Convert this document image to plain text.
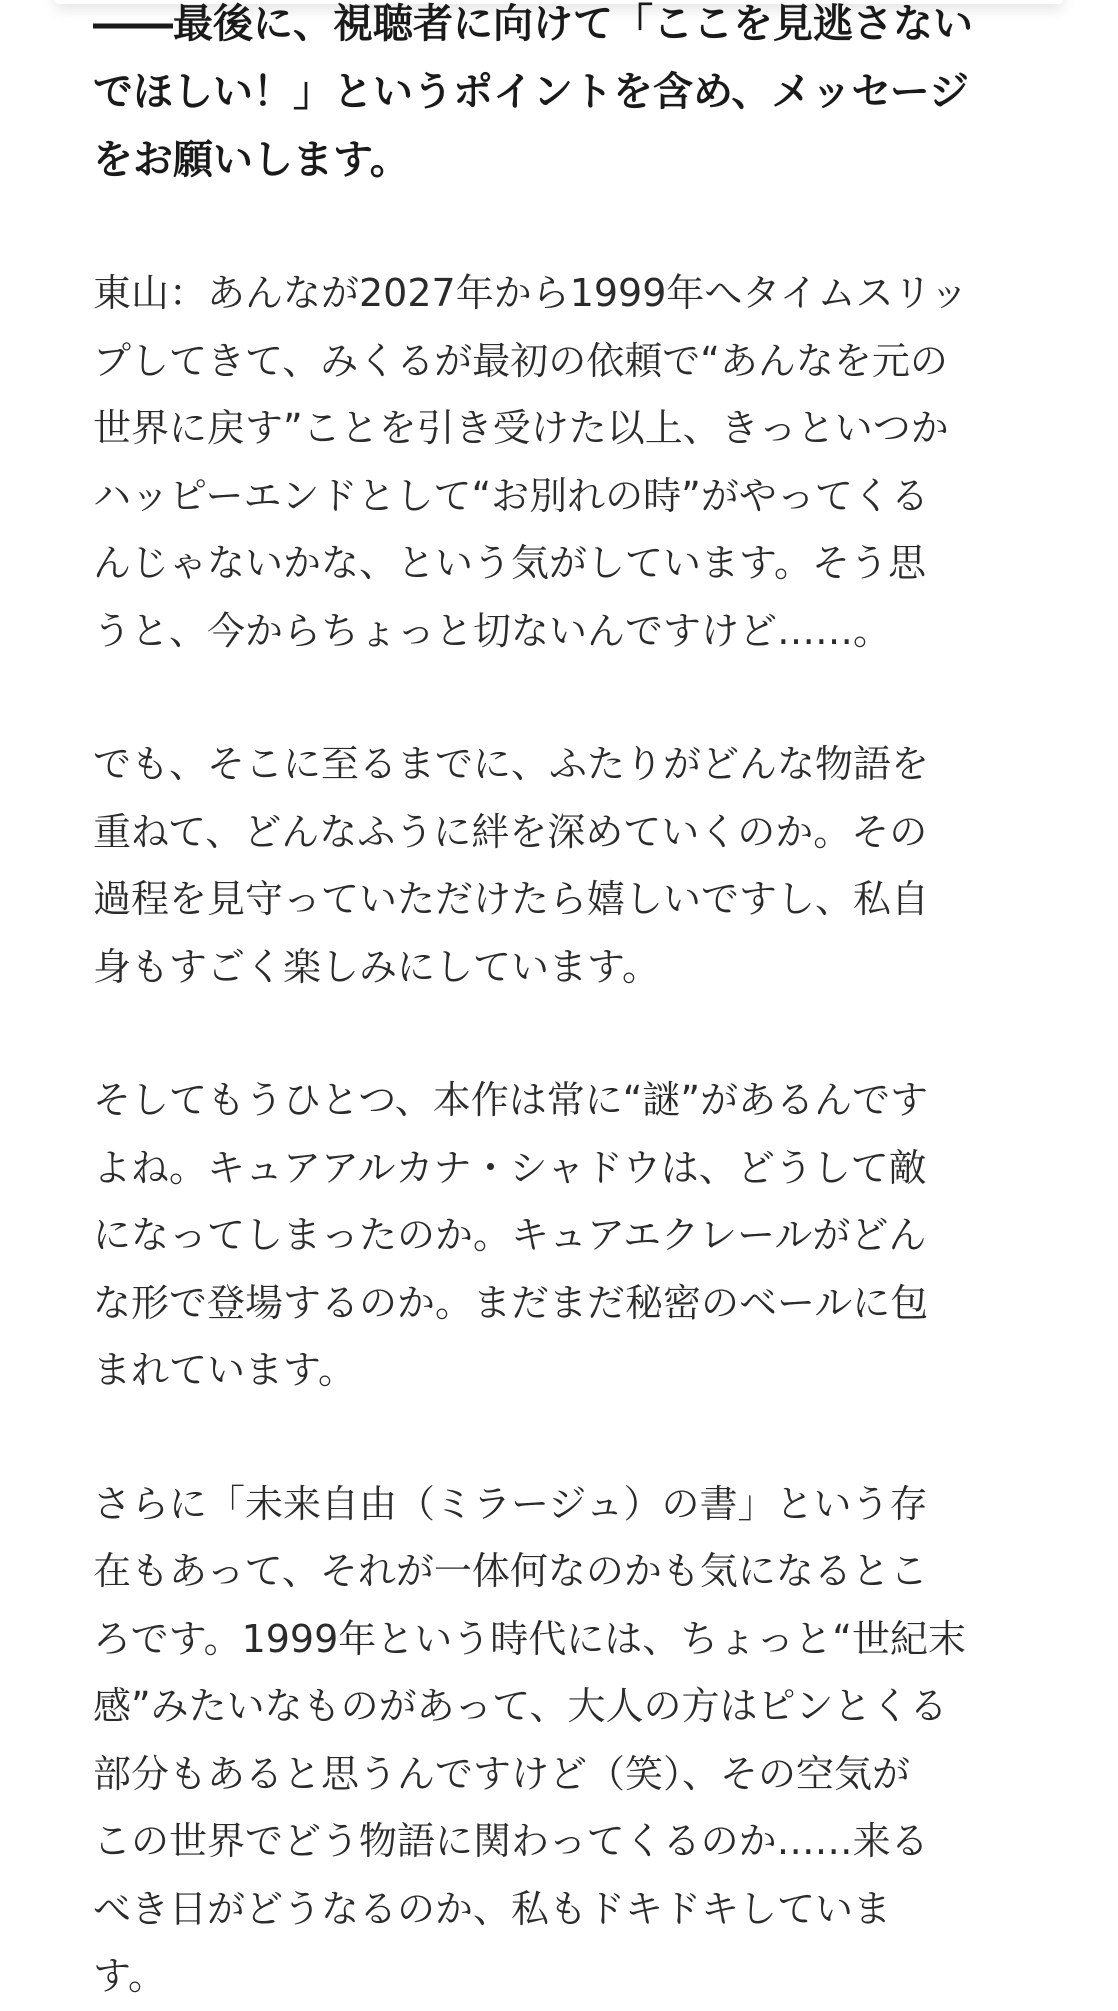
――最後に、視聴者に向けて「ここを見逃さない
でほしい！」というポイントを含め、メッセージ
をお願いします。

東山：あんなが2027年から1999年へタイムスリッ
プしてきて、みくるが最初の依頼で“あんなを元の
世界に戻す”ことを引き受けた以上、きっといつか
ハッピーエンドとして“お別れの時”がやってくる
んじゃないかな、という気がしています。そう思
うと、今からちょっと切ないんですけど……。

でも、そこに至るまでに、ふたりがどんな物語を
重ねて、どんなふうに絆を深めていくのか。その
過程を見守っていただけたら嬉しいですし、私自
身もすごく楽しみにしています。

そしてもうひとつ、本作は常に“謎”があるんです
よね。キュアアルカナ・シャドウは、どうして敵
になってしまったのか。キュアエクレールがどん
な形で登場するのか。まだまだ秘密のベールに包
まれています。

さらに「未来自由（ミラージュ）の書」という存
在もあって、それが一体何なのかも気になるとこ
ろです。1999年という時代には、ちょっと“世紀末
感”みたいなものがあって、大人の方はピンとくる
部分もあると思うんですけど（笑）、その空気が
この世界でどう物語に関わってくるのか……来る
べき日がどうなるのか、私もドキドキしていま
す。
